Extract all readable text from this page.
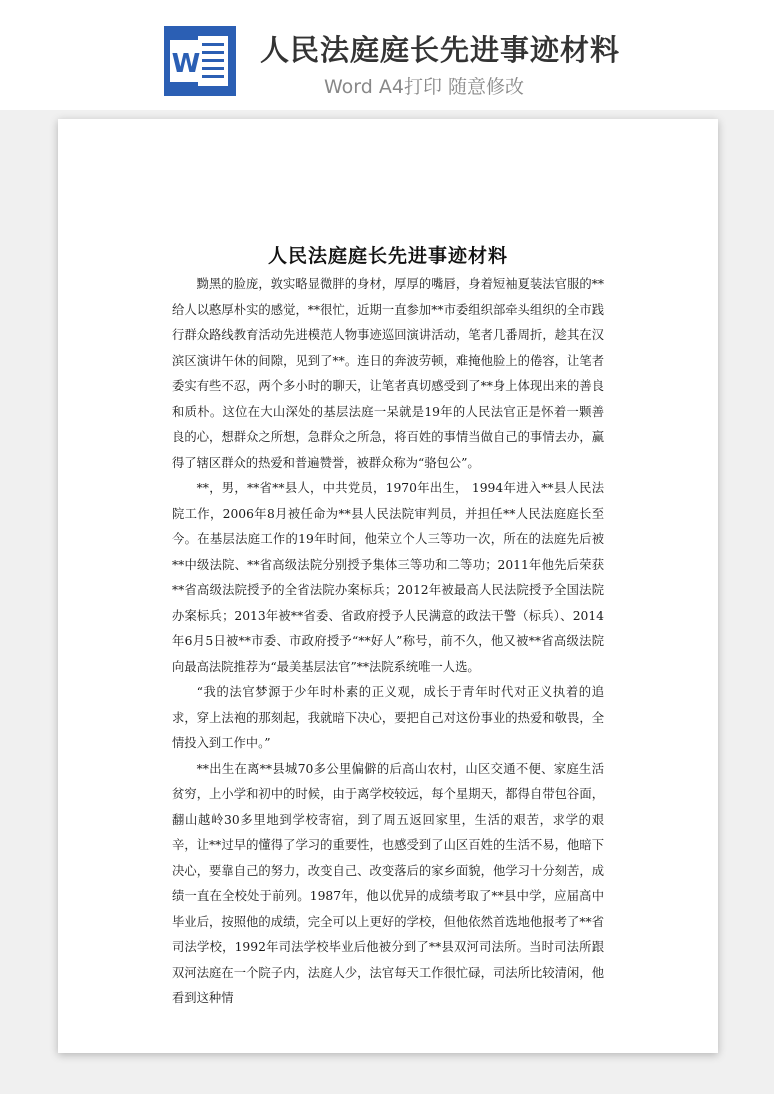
W 人民法庭庭长先进事迹材料
Word A4打印 随意修改
人民法庭庭长先进事迹材料

黝黑的脸庞，敦实略显微胖的身材，厚厚的嘴唇，身着短袖夏装法官服的**给人以憨厚朴实的感觉，**很忙，近期一直参加**市委组织部牵头组织的全市践行群众路线教育活动先进模范人物事迹巡回演讲活动，笔者几番周折，趁其在汉滨区演讲午休的间隙，见到了**。连日的奔波劳顿，难掩他脸上的倦容，让笔者委实有些不忍，两个多小时的聊天，让笔者真切感受到了**身上体现出来的善良和质朴。这位在大山深处的基层法庭一呆就是19年的人民法官正是怀着一颗善良的心，想群众之所想，急群众之所急，将百姓的事情当做自己的事情去办，赢得了辖区群众的热爱和普遍赞誉，被群众称为“骆包公”。

**，男，**省**县人，中共党员，1970年出生， 1994年进入**县人民法院工作，2006年8月被任命为**县人民法院审判员，并担任**人民法庭庭长至今。在基层法庭工作的19年时间，他荣立个人三等功一次，所在的法庭先后被**中级法院、**省高级法院分别授予集体三等功和二等功；2011年他先后荣获**省高级法院授予的全省法院办案标兵；2012年被最高人民法院授予全国法院办案标兵；2013年被**省委、省政府授予人民满意的政法干警（标兵）、2014年6月5日被**市委、市政府授予“**好人”称号，前不久，他又被**省高级法院向最高法院推荐为“最美基层法官”**法院系统唯一人选。

“我的法官梦源于少年时朴素的正义观，成长于青年时代对正义执着的追求，穿上法袍的那刻起，我就暗下决心，要把自己对这份事业的热爱和敬畏，全情投入到工作中。”

**出生在离**县城70多公里偏僻的后高山农村，山区交通不便、家庭生活贫穷，上小学和初中的时候，由于离学校较远，每个星期天，都得自带包谷面，翻山越岭30多里地到学校寄宿，到了周五返回家里，生活的艰苦，求学的艰辛，让**过早的懂得了学习的重要性，也感受到了山区百姓的生活不易，他暗下决心，要靠自己的努力，改变自己、改变落后的家乡面貌，他学习十分刻苦，成绩一直在全校处于前列。1987年，他以优异的成绩考取了**县中学，应届高中毕业后，按照他的成绩，完全可以上更好的学校，但他依然首选地他报考了**省司法学校，1992年司法学校毕业后他被分到了**县双河司法所。当时司法所跟双河法庭在一个院子内，法庭人少，法官每天工作很忙碌，司法所比较清闲，他看到这种情
